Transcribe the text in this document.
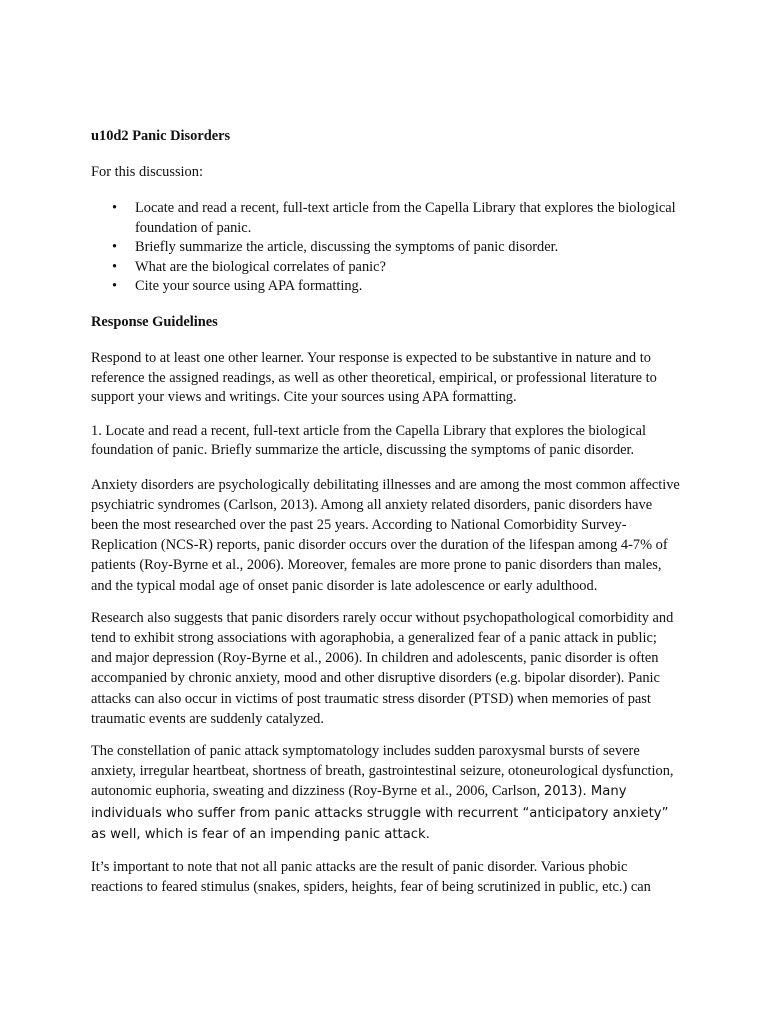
u10d2 Panic Disorders
For this discussion:
• Locate and read a recent, full-text article from the Capella Library that explores the biological foundation of panic.
• Briefly summarize the article, discussing the symptoms of panic disorder.
• What are the biological correlates of panic?
• Cite your source using APA formatting.
Response Guidelines

Respond to at least one other learner. Your response is expected to be substantive in nature and to reference the assigned readings, as well as other theoretical, empirical, or professional literature to support your views and writings. Cite your sources using APA formatting.

1. Locate and read a recent, full-text article from the Capella Library that explores the biological foundation of panic. Briefly summarize the article, discussing the symptoms of panic disorder.

Anxiety disorders are psychologically debilitating illnesses and are among the most common affective psychiatric syndromes (Carlson, 2013). Among all anxiety related disorders, panic disorders have been the most researched over the past 25 years. According to National Comorbidity Survey-Replication (NCS-R) reports, panic disorder occurs over the duration of the lifespan among 4-7% of patients (Roy-Byrne et al., 2006). Moreover, females are more prone to panic disorders than males, and the typical modal age of onset panic disorder is late adolescence or early adulthood.

Research also suggests that panic disorders rarely occur without psychopathological comorbidity and tend to exhibit strong associations with agoraphobia, a generalized fear of a panic attack in public; and major depression (Roy-Byrne et al., 2006). In children and adolescents, panic disorder is often accompanied by chronic anxiety, mood and other disruptive disorders (e.g. bipolar disorder). Panic attacks can also occur in victims of post traumatic stress disorder (PTSD) when memories of past traumatic events are suddenly catalyzed.

The constellation of panic attack symptomatology includes sudden paroxysmal bursts of severe anxiety, irregular heartbeat, shortness of breath, gastrointestinal seizure, otoneurological dysfunction, autonomic euphoria, sweating and dizziness (Roy-Byrne et al., 2006, Carlson, 2013). Many individuals who suffer from panic attacks struggle with recurrent “anticipatory anxiety” as well, which is fear of an impending panic attack.

It’s important to note that not all panic attacks are the result of panic disorder. Various phobic reactions to feared stimulus (snakes, spiders, heights, fear of being scrutinized in public, etc.) can
